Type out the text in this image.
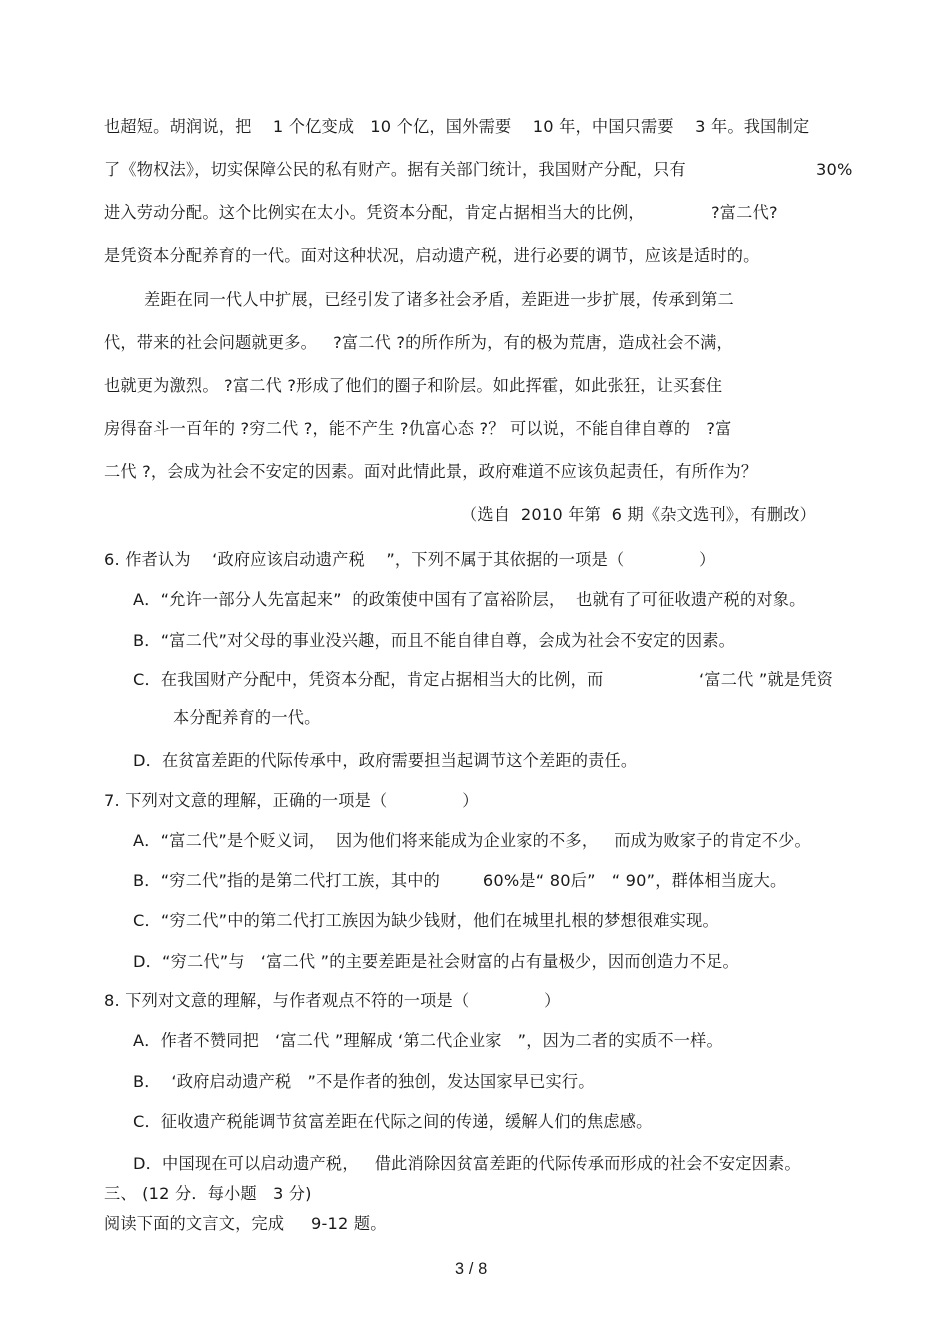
也超短。胡润说，把    1 个亿变成   10 个亿，国外需要    10 年，中国只需要    3 年。我国制定
了《物权法》，切实保障公民的私有财产。据有关部门统计，我国财产分配，只有	30%
进入劳动分配。这个比例实在太小。凭资本分配，肯定占据相当大的比例，	?富二代?
是凭资本分配养育的一代。面对这种状况，启动遗产税，进行必要的调节，应该是适时的。
差距在同一代人中扩展，已经引发了诸多社会矛盾，差距进一步扩展，传承到第二
代，带来的社会问题就更多。   ?富二代 ?的所作所为，有的极为荒唐，造成社会不满，
也就更为激烈。 ?富二代 ?形成了他们的圈子和阶层。如此挥霍，如此张狂，让买套住
房得奋斗一百年的 ?穷二代 ?，能不产生 ?仇富心态 ?？ 可以说，不能自律自尊的   ?富
二代 ?，会成为社会不安定的因素。面对此情此景，政府难道不应该负起责任，有所作为？
（选自  2010 年第  6 期《杂文选刊》，有删改）
6. 作者认为    ‘政府应该启动遗产税    ”，下列不属于其依据的一项是（              ）
A．“允许一部分人先富起来”  的政策使中国有了富裕阶层，  也就有了可征收遗产税的对象。
B．“富二代”对父母的事业没兴趣，而且不能自律自尊，会成为社会不安定的因素。
C．在我国财产分配中，凭资本分配，肯定占据相当大的比例，而	‘富二代 ”就是凭资
本分配养育的一代。
D．在贫富差距的代际传承中，政府需要担当起调节这个差距的责任。
7. 下列对文意的理解，正确的一项是（              ）
A．“富二代”是个贬义词，  因为他们将来能成为企业家的不多，   而成为败家子的肯定不少。
B．“穷二代”指的是第二代打工族，其中的        60%是“ 80后”   “ 90”，群体相当庞大。
C．“穷二代”中的第二代打工族因为缺少钱财，他们在城里扎根的梦想很难实现。
D．“穷二代”与   ‘富二代 ”的主要差距是社会财富的占有量极少，因而创造力不足。
8. 下列对文意的理解，与作者观点不符的一项是（              ）
A．作者不赞同把   ‘富二代 ”理解成 ‘第二代企业家   ”，因为二者的实质不一样。
B．  ‘政府启动遗产税   ”不是作者的独创，发达国家早已实行。
C．征收遗产税能调节贫富差距在代际之间的传递，缓解人们的焦虑感。
D．中国现在可以启动遗产税，   借此消除因贫富差距的代际传承而形成的社会不安定因素。
三、 (12 分．每小题   3 分)
阅读下面的文言文，完成     9-12 题。
3 / 8
